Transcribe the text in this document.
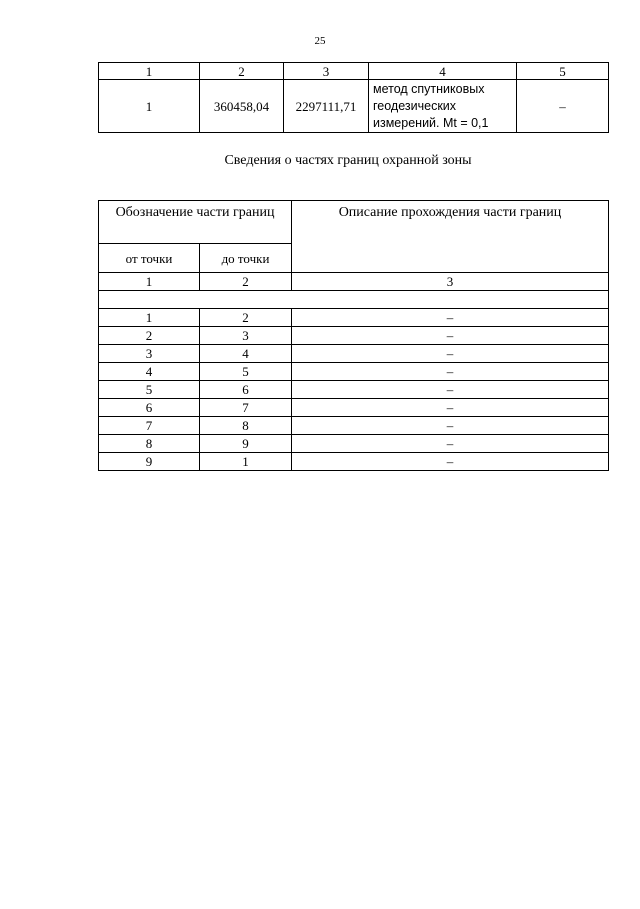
25
1	2	3	4	5
1	360458,04	2297111,71	метод спутниковых
геодезических
измерений. Mt = 0,1	–
Сведения о частях границ охранной зоны
Обозначение части границ		Описание прохождения части границ
от точки	до точки	
1	2	3

1	2	–
2	3	–
3	4	–
4	5	–
5	6	–
6	7	–
7	8	–
8	9	–
9	1	–
